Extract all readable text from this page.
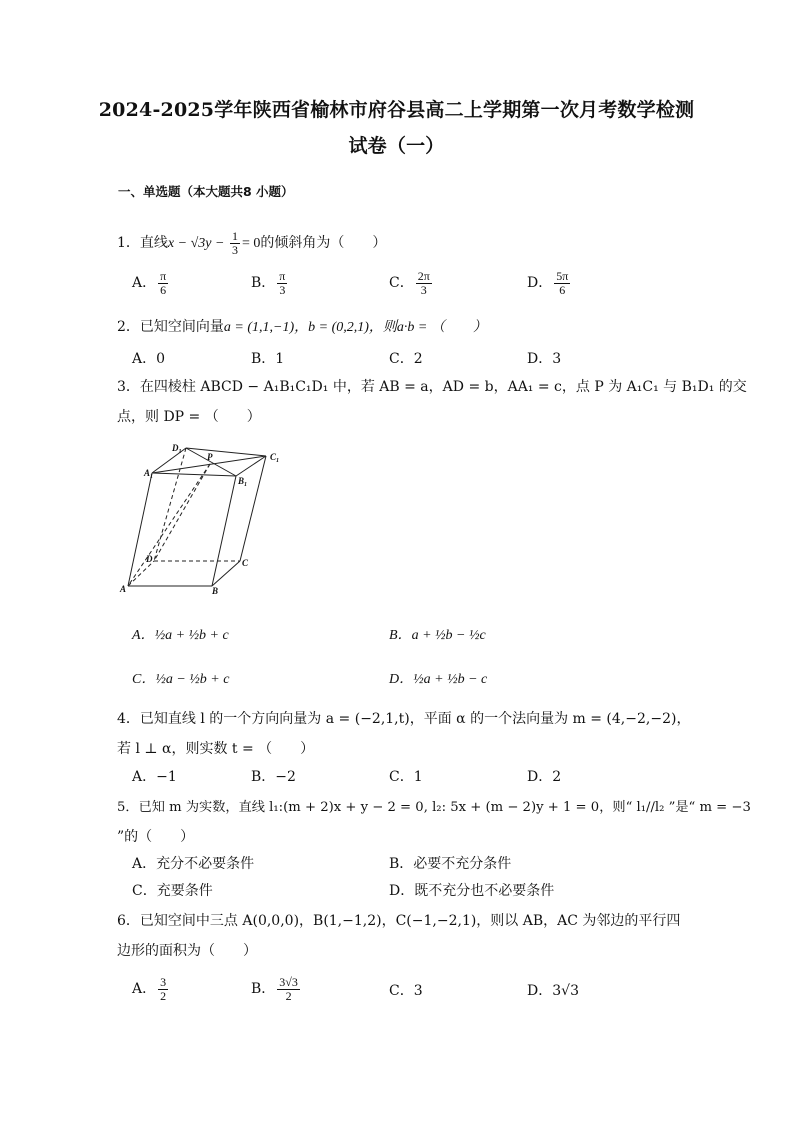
2024-2025学年陕西省榆林市府谷县高二上学期第一次月考数学检测
试卷（一）
一、单选题（本大题共8 小题）
1．直线$x - √3y - \frac{1}{3} = 0$的倾斜角为（　　）
A． $\frac{\pi}{6}$	B． $\frac{\pi}{3}$	C． $\frac{2\pi}{3}$	D． $\frac{5\pi}{6}$
2．已知空间向量a = (1,1,−1)，b = (0,2,1)，则a·b = （　　）
A．0	B．1	C．2	D．3
3．在四棱柱 ABCD − A₁B₁C₁D₁ 中，若 AB = a，AD = b，AA₁ = c，点 P 为 A₁C₁ 与 B₁D₁ 的交
点，则 DP = （　　）
$D_1$	$C_1$
$A_1$	$B_1$
P
D	C
A	B
A．½a + ½b + c	B．a + ½b − ½c
C．½a − ½b + c	D．½a + ½b − c
4．已知直线 l 的一个方向向量为 a = (−2,1,t)，平面 α 的一个法向量为 m = (4,−2,−2)，
若 l ⊥ α，则实数 t = （　　）
A．−1	B．−2	C．1	D．2
5．已知 m 为实数，直线 l₁:(m + 2)x + y − 2 = 0, l₂: 5x + (m − 2)y + 1 = 0，则“ l₁//l₂ ”是“ m = −3
”的（　　）
A．充分不必要条件	B．必要不充分条件
C．充要条件	D．既不充分也不必要条件
6．已知空间中三点 A(0,0,0)，B(1,−1,2)，C(−1,−2,1)，则以 AB，AC 为邻边的平行四
边形的面积为（　　）
A． $\frac{3}{2}$	B． $\frac{3√3}{2}$	C．3	D．3√3
